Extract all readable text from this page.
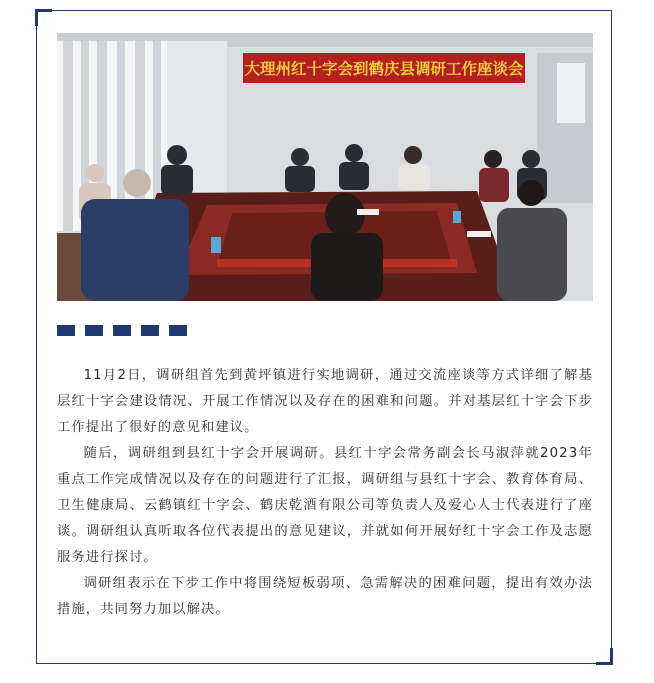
大理州红十字会到鹤庆县调研工作座谈会

11月2日，调研组首先到黄坪镇进行实地调研，通过交流座谈等方式详细了解基层红十字会建设情况、开展工作情况以及存在的困难和问题。并对基层红十字会下步工作提出了很好的意见和建议。

随后，调研组到县红十字会开展调研。县红十字会常务副会长马淑萍就2023年重点工作完成情况以及存在的问题进行了汇报，调研组与县红十字会、教育体育局、卫生健康局、云鹤镇红十字会、鹤庆乾酒有限公司等负责人及爱心人士代表进行了座谈。调研组认真听取各位代表提出的意见建议，并就如何开展好红十字会工作及志愿服务进行探讨。

调研组表示在下步工作中将围绕短板弱项、急需解决的困难问题，提出有效办法措施，共同努力加以解决。
